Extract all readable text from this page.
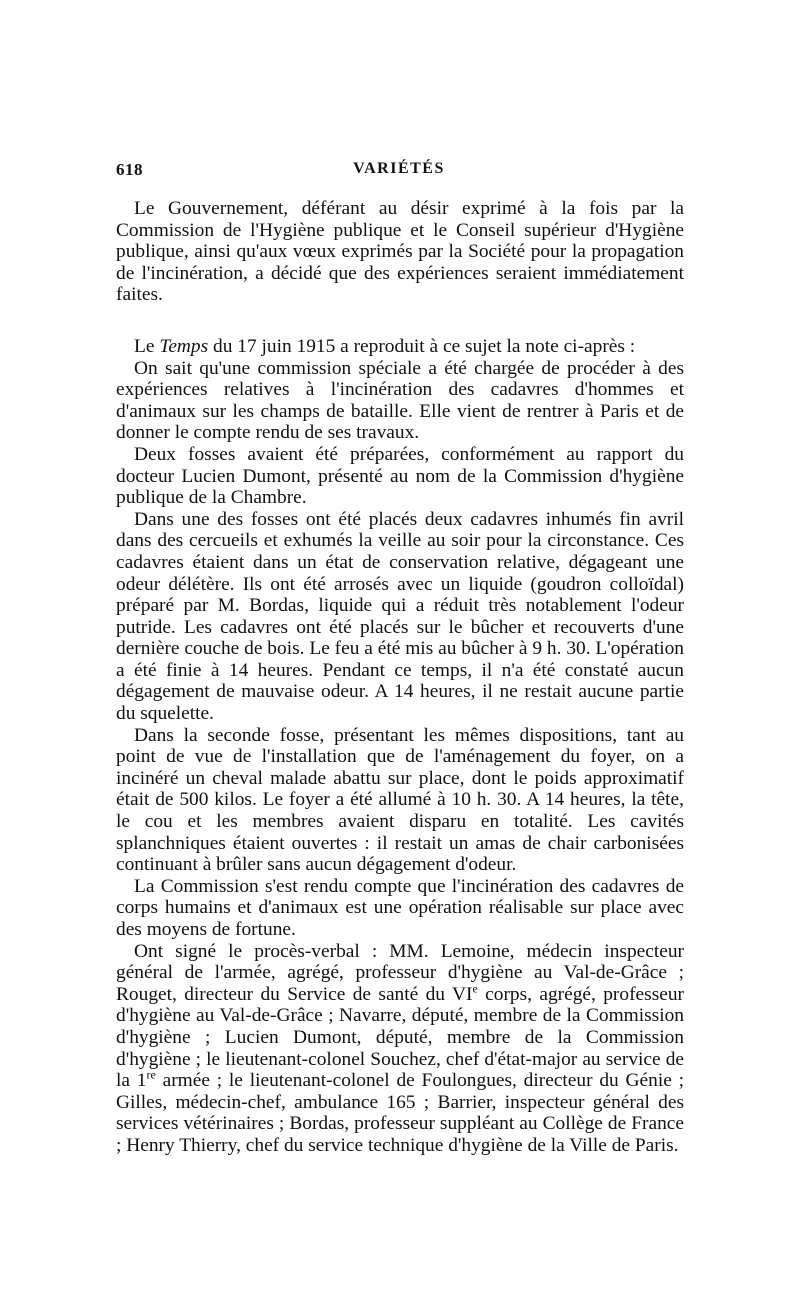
618	VARIÉTÉS

Le Gouvernement, déférant au désir exprimé à la fois par la Commission de l'Hygiène publique et le Conseil supérieur d'Hygiène publique, ainsi qu'aux vœux exprimés par la Société pour la propagation de l'incinération, a décidé que des expériences seraient immédiatement faites.

Le Temps du 17 juin 1915 a reproduit à ce sujet la note ci-après :

On sait qu'une commission spéciale a été chargée de procéder à des expériences relatives à l'incinération des cadavres d'hommes et d'animaux sur les champs de bataille. Elle vient de rentrer à Paris et de donner le compte rendu de ses travaux.

Deux fosses avaient été préparées, conformément au rapport du docteur Lucien Dumont, présenté au nom de la Commission d'hygiène publique de la Chambre.

Dans une des fosses ont été placés deux cadavres inhumés fin avril dans des cercueils et exhumés la veille au soir pour la circonstance. Ces cadavres étaient dans un état de conservation relative, dégageant une odeur délétère. Ils ont été arrosés avec un liquide (goudron colloïdal) préparé par M. Bordas, liquide qui a réduit très notablement l'odeur putride. Les cadavres ont été placés sur le bûcher et recouverts d'une dernière couche de bois. Le feu a été mis au bûcher à 9 h. 30. L'opération a été finie à 14 heures. Pendant ce temps, il n'a été constaté aucun dégagement de mauvaise odeur. A 14 heures, il ne restait aucune partie du squelette.

Dans la seconde fosse, présentant les mêmes dispositions, tant au point de vue de l'installation que de l'aménagement du foyer, on a incinéré un cheval malade abattu sur place, dont le poids approximatif était de 500 kilos. Le foyer a été allumé à 10 h. 30. A 14 heures, la tête, le cou et les membres avaient disparu en totalité. Les cavités splanchniques étaient ouvertes : il restait un amas de chair carbonisées continuant à brûler sans aucun dégagement d'odeur.

La Commission s'est rendu compte que l'incinération des cadavres de corps humains et d'animaux est une opération réalisable sur place avec des moyens de fortune.

Ont signé le procès-verbal : MM. Lemoine, médecin inspecteur général de l'armée, agrégé, professeur d'hygiène au Val-de-Grâce ; Rouget, directeur du Service de santé du VIe corps, agrégé, professeur d'hygiène au Val-de-Grâce ; Navarre, député, membre de la Commission d'hygiène ; Lucien Dumont, député, membre de la Commission d'hygiène ; le lieutenant-colonel Souchez, chef d'état-major au service de la 1re armée ; le lieutenant-colonel de Foulongues, directeur du Génie ; Gilles, médecin-chef, ambulance 165 ; Barrier, inspecteur général des services vétérinaires ; Bordas, professeur suppléant au Collège de France ; Henry Thierry, chef du service technique d'hygiène de la Ville de Paris.
